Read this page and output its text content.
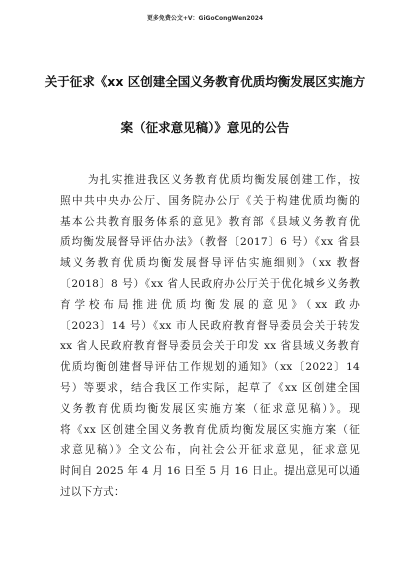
更多免费公文+V：GiGoCongWen2024
关于征求《xx 区创建全国义务教育优质均衡发展区实施方
案（征求意见稿）》意见的公告
为扎实推进我区义务教育优质均衡发展创建工作，按
照中共中央办公厅、国务院办公厅《关于构建优质均衡的
基本公共教育服务体系的意见》教育部《县域义务教育优
质均衡发展督导评估办法》（教督〔2017〕6 号）《xx 省县
域义务教育优质均衡发展督导评估实施细则》（xx 教督
〔2018〕8 号）《xx 省人民政府办公厅关于优化城乡义务教
育学校布局推进优质均衡发展的意见》（xx 政办
〔2023〕14 号）《xx 市人民政府教育督导委员会关于转发
xx 省人民政府教育督导委员会关于印发 xx 省县域义务教育
优质均衡创建督导评估工作规划的通知》（xx〔2022〕14
号）等要求，结合我区工作实际，起草了《xx 区创建全国
义务教育优质均衡发展区实施方案（征求意见稿）》。现
将《xx 区创建全国义务教育优质均衡发展区实施方案（征
求意见稿）》全文公布，向社会公开征求意见，征求意见
时间自 2025 年 4 月 16 日至 5 月 16 日止。提出意见可以通
过以下方式：
